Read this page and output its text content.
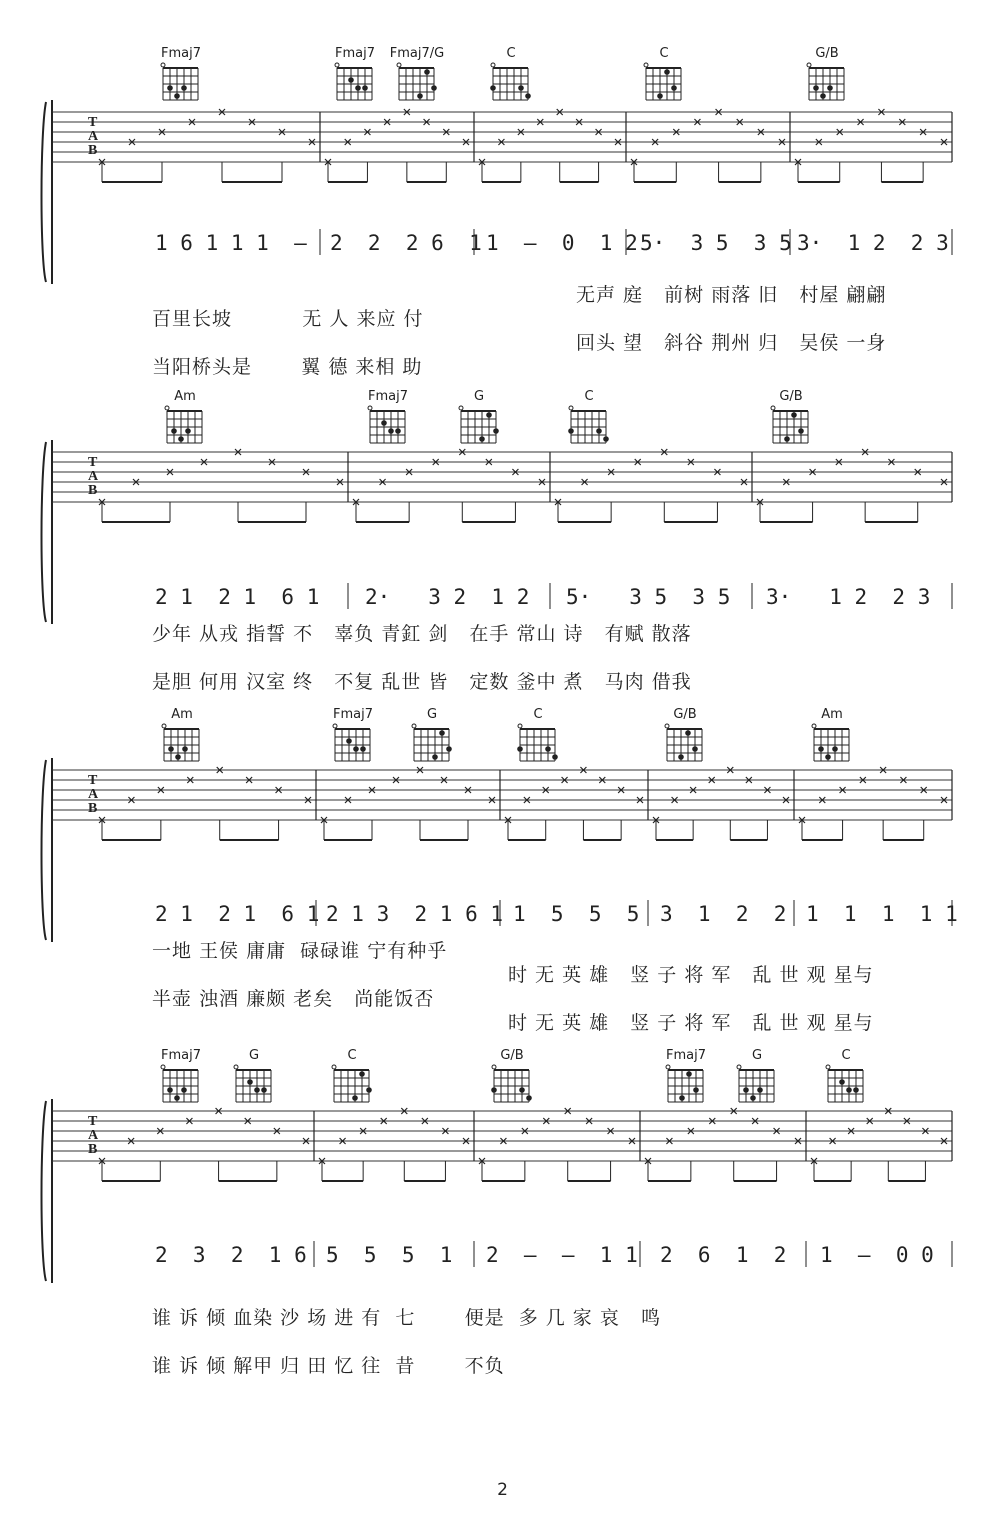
Fmaj7	Fmaj7	Fmaj7/G	C	C	G/B
T
A
B
1 6 1 1 1  – 2  2  2 6  1 1  –  0  1 2 5·  3 5  3 5 3·  1 2  2 3
无声 庭   前树 雨落 旧   村屋 翩翩
百里长坡          无 人 来应 付
回头 望   斜谷 荆州 归   吴侯 一身
当阳桥头是       翼 德 来相 助
Am	Fmaj7	G	C	G/B
T
A
B
2 1  2 1  6 1 2·   3 2  1 2 5·   3 5  3 5 3·   1 2  2 3
少年 从戎 指誓 不   辜负 青釭 剑   在手 常山 诗   有赋 散落
是胆 何用 汉室 终   不复 乱世 皆   定数 釜中 煮   马肉 借我
Am	Fmaj7	G	C	G/B	Am
T
A
B
2 1  2 1  6 1 2 1 3  2 1 6 1 1  5  5  5 3  1  2  2 1  1  1  1 1
一地 王侯 庸庸  碌碌谁 宁有种乎
时 无 英 雄   竖 子 将 军   乱 世 观 星与
半壶 浊酒 廉颇 老矣   尚能饭否
时 无 英 雄   竖 子 将 军   乱 世 观 星与
Fmaj7	G	C	G/B	Fmaj7	G	C
T
A
B
2  3  2  1 6 5  5  5  1 2  –  –  1 1 2  6  1  2 1  –  0 0
谁 诉 倾 血染 沙 场 进 有  七       便是  多 几 家 哀   鸣
谁 诉 倾 解甲 归 田 忆 往  昔       不负
2
